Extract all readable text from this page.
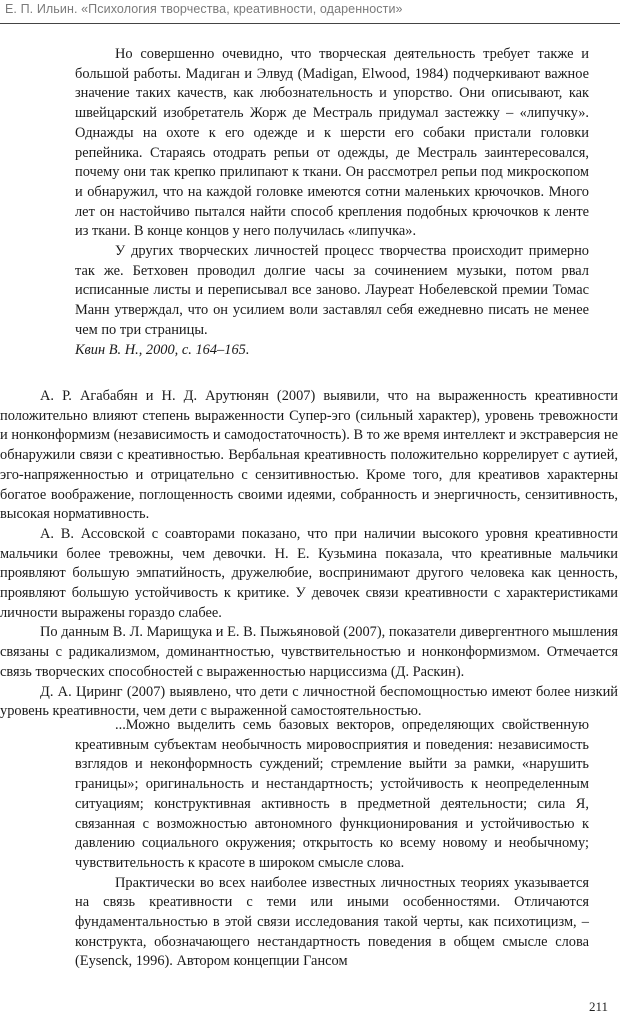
Е. П. Ильин. «Психология творчества, креативности, одаренности»

Но совершенно очевидно, что творческая деятельность требует также и большой работы. Мадиган и Элвуд (Madigan, Elwood, 1984) подчеркивают важное значение таких качеств, как любознательность и упорство. Они описывают, как швейцарский изобретатель Жорж де Местраль придумал застежку – «липучку». Однажды на охоте к его одежде и к шерсти его собаки пристали головки репейника. Стараясь отодрать репьи от одежды, де Местраль заинтересовался, почему они так крепко прилипают к ткани. Он рассмотрел репьи под микроскопом и обнаружил, что на каждой головке имеются сотни маленьких крючочков. Много лет он настойчиво пытался найти способ крепления подобных крючочков к ленте из ткани. В конце концов у него получилась «липучка».

У других творческих личностей процесс творчества происходит примерно так же. Бетховен проводил долгие часы за сочинением музыки, потом рвал исписанные листы и переписывал все заново. Лауреат Нобелевской премии Томас Манн утверждал, что он усилием воли заставлял себя ежедневно писать не менее чем по три страницы.

Квин В. Н., 2000, с. 164–165.

А. Р. Агабабян и Н. Д. Арутюнян (2007) выявили, что на выраженность креативности положительно влияют степень выраженности Супер-эго (сильный характер), уровень тревожности и нонконформизм (независимость и самодостаточность). В то же время интеллект и экстраверсия не обнаружили связи с креативностью. Вербальная креативность положительно коррелирует с аутией, эго-напряженностью и отрицательно с сензитивностью. Кроме того, для креативов характерны богатое воображение, поглощенность своими идеями, собранность и энергичность, сензитивность, высокая нормативность.

А. В. Ассовской с соавторами показано, что при наличии высокого уровня креативности мальчики более тревожны, чем девочки. Н. Е. Кузьмина показала, что креативные мальчики проявляют большую эмпатийность, дружелюбие, воспринимают другого человека как ценность, проявляют большую устойчивость к критике. У девочек связи креативности с характеристиками личности выражены гораздо слабее.

По данным В. Л. Марищука и Е. В. Пыжьяновой (2007), показатели дивергентного мышления связаны с радикализмом, доминантностью, чувствительностью и нонконформизмом. Отмечается связь творческих способностей с выраженностью нарциссизма (Д. Раскин).

Д. А. Циринг (2007) выявлено, что дети с личностной беспомощностью имеют более низкий уровень креативности, чем дети с выраженной самостоятельностью.

...Можно выделить семь базовых векторов, определяющих свойственную креативным субъектам необычность мировосприятия и поведения: независимость взглядов и неконформность суждений; стремление выйти за рамки, «нарушить границы»; оригинальность и нестандартность; устойчивость к неопределенным ситуациям; конструктивная активность в предметной деятельности; сила Я, связанная с возможностью автономного функционирования и устойчивостью к давлению социального окружения; открытость ко всему новому и необычному; чувствительность к красоте в широком смысле слова.

Практически во всех наиболее известных личностных теориях указывается на связь креативности с теми или иными особенностями. Отличаются фундаментальностью в этой связи исследования такой черты, как психотицизм, – конструкта, обозначающего нестандартность поведения в общем смысле слова (Eysenck, 1996). Автором концепции Гансом

211
